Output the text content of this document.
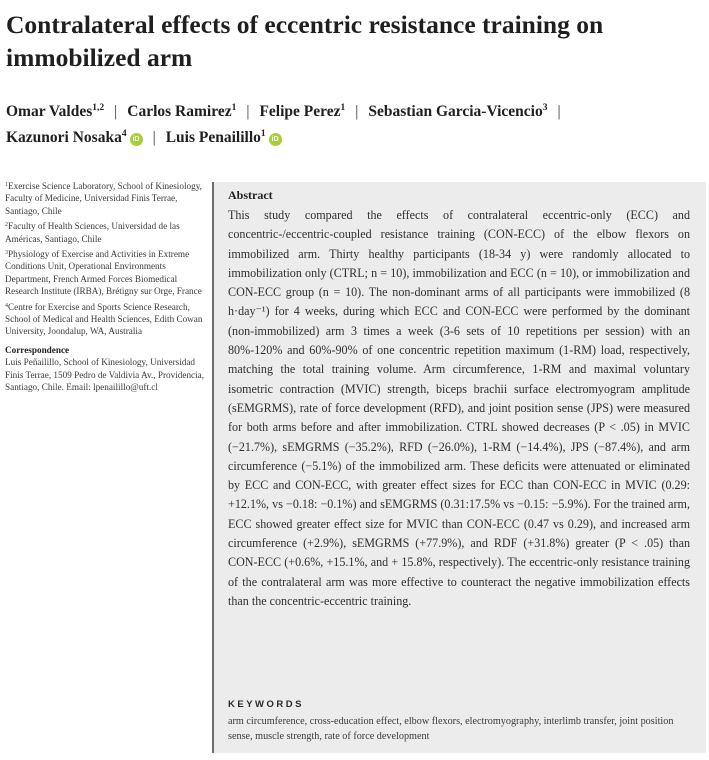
Contralateral effects of eccentric resistance training on immobilized arm
Omar Valdes$^{1,2}$ | Carlos Ramirez$^1$ | Felipe Perez$^1$ | Sebastian Garcia-Vicencio$^3$ |
Kazunori Nosaka$^4$iD | Luis Penailillo$^1$iD
$^1$Exercise Science Laboratory, School of Kinesiology, Faculty of Medicine, Universidad Finis Terrae, Santiago, Chile
$^2$Faculty of Health Sciences, Universidad de las Américas, Santiago, Chile
$^3$Physiology of Exercise and Activities in Extreme Conditions Unit, Operational Environments Department, French Armed Forces Biomedical Research Institute (IRBA), Brétigny sur Orge, France
$^4$Centre for Exercise and Sports Science Research, School of Medical and Health Sciences, Edith Cowan University, Joondalup, WA, Australia
Correspondence
Luis Peñailillo, School of Kinesiology, Universidad Finis Terrae, 1509 Pedro de Valdivia Av., Providencia, Santiago, Chile. Email: lpenailillo@uft.cl
Abstract
This study compared the effects of contralateral eccentric-only (ECC) and concentric-/eccentric-coupled resistance training (CON-ECC) of the elbow flexors on immobilized arm. Thirty healthy participants (18-34 y) were randomly allocated to immobilization only (CTRL; n = 10), immobilization and ECC (n = 10), or immobilization and CON-ECC group (n = 10). The non-dominant arms of all participants were immobilized (8 h·day⁻¹) for 4 weeks, during which ECC and CON-ECC were performed by the dominant (non-immobilized) arm 3 times a week (3-6 sets of 10 repetitions per session) with an 80%-120% and 60%-90% of one concentric repetition maximum (1-RM) load, respectively, matching the total training volume. Arm circumference, 1-RM and maximal voluntary isometric contraction (MVIC) strength, biceps brachii surface electromyogram amplitude (sEMGRMS), rate of force development (RFD), and joint position sense (JPS) were measured for both arms before and after immobilization. CTRL showed decreases (P < .05) in MVIC (−21.7%), sEMGRMS (−35.2%), RFD (−26.0%), 1-RM (−14.4%), JPS (−87.4%), and arm circumference (−5.1%) of the immobilized arm. These deficits were attenuated or eliminated by ECC and CON-ECC, with greater effect sizes for ECC than CON-ECC in MVIC (0.29: +12.1%, vs −0.18: −0.1%) and sEMGRMS (0.31:17.5% vs −0.15: −5.9%). For the trained arm, ECC showed greater effect size for MVIC than CON-ECC (0.47 vs 0.29), and increased arm circumference (+2.9%), sEMGRMS (+77.9%), and RDF (+31.8%) greater (P < .05) than CON-ECC (+0.6%, +15.1%, and + 15.8%, respectively). The eccentric-only resistance training of the contralateral arm was more effective to counteract the negative immobilization effects than the concentric-eccentric training.
KEYWORDS
arm circumference, cross-education effect, elbow flexors, electromyography, interlimb transfer, joint position sense, muscle strength, rate of force development
